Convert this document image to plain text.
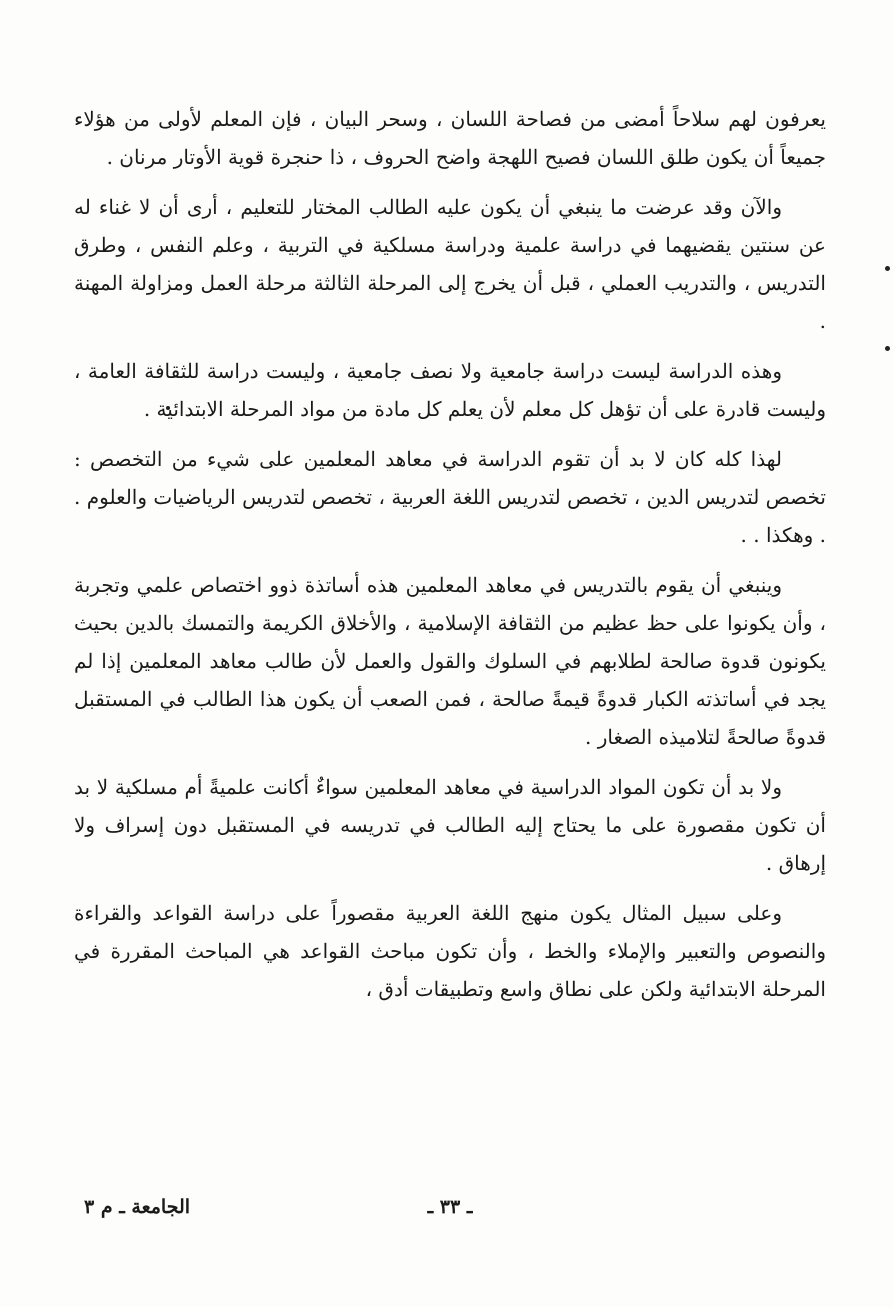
يعرفون لهم سلاحاً أمضى من فصاحة اللسان ، وسحر البيان ، فإن المعلم لأولى من هؤلاء جميعاً أن يكون طلق اللسان فصيح اللهجة واضح الحروف ، ذا حنجرة قوية الأوتار مرنان .

والآن وقد عرضت ما ينبغي أن يكون عليه الطالب المختار للتعليم ، أرى أن لا غناء له عن سنتين يقضيهما في دراسة علمية ودراسة مسلكية في التربية ، وعلم النفس ، وطرق التدريس ، والتدريب العملي ، قبل أن يخرج إلى المرحلة الثالثة مرحلة العمل ومزاولة المهنة .

وهذه الدراسة ليست دراسة جامعية ولا نصف جامعية ، وليست دراسة للثقافة العامة ، وليست قادرة على أن تؤهل كل معلم لأن يعلم كل مادة من مواد المرحلة الابتدائية .

لهذا كله كان لا بد أن تقوم الدراسة في معاهد المعلمين على شيء من التخصص : تخصص لتدريس الدين ، تخصص لتدريس اللغة العربية ، تخصص لتدريس الرياضيات والعلوم . . وهكذا . .

وينبغي أن يقوم بالتدريس في معاهد المعلمين هذه أساتذة ذوو اختصاص علمي وتجربة ، وأن يكونوا على حظ عظيم من الثقافة الإسلامية ، والأخلاق الكريمة والتمسك بالدين بحيث يكونون قدوة صالحة لطلابهم في السلوك والقول والعمل لأن طالب معاهد المعلمين إذا لم يجد في أساتذته الكبار قدوةً قيمةً صالحة ، فمن الصعب أن يكون هذا الطالب في المستقبل قدوةً صالحةً لتلاميذه الصغار .

ولا بد أن تكون المواد الدراسية في معاهد المعلمين سواءٌ أكانت علميةً أم مسلكية لا بد أن تكون مقصورة على ما يحتاج إليه الطالب في تدريسه في المستقبل دون إسراف ولا إرهاق .

وعلى سبيل المثال يكون منهج اللغة العربية مقصوراً على دراسة القواعد والقراءة والنصوص والتعبير والإملاء والخط ، وأن تكون مباحث القواعد هي المباحث المقررة في المرحلة الابتدائية ولكن على نطاق واسع وتطبيقات أدق ،

ـ ٣٣ ـ
الجامعة ـ م ٣
